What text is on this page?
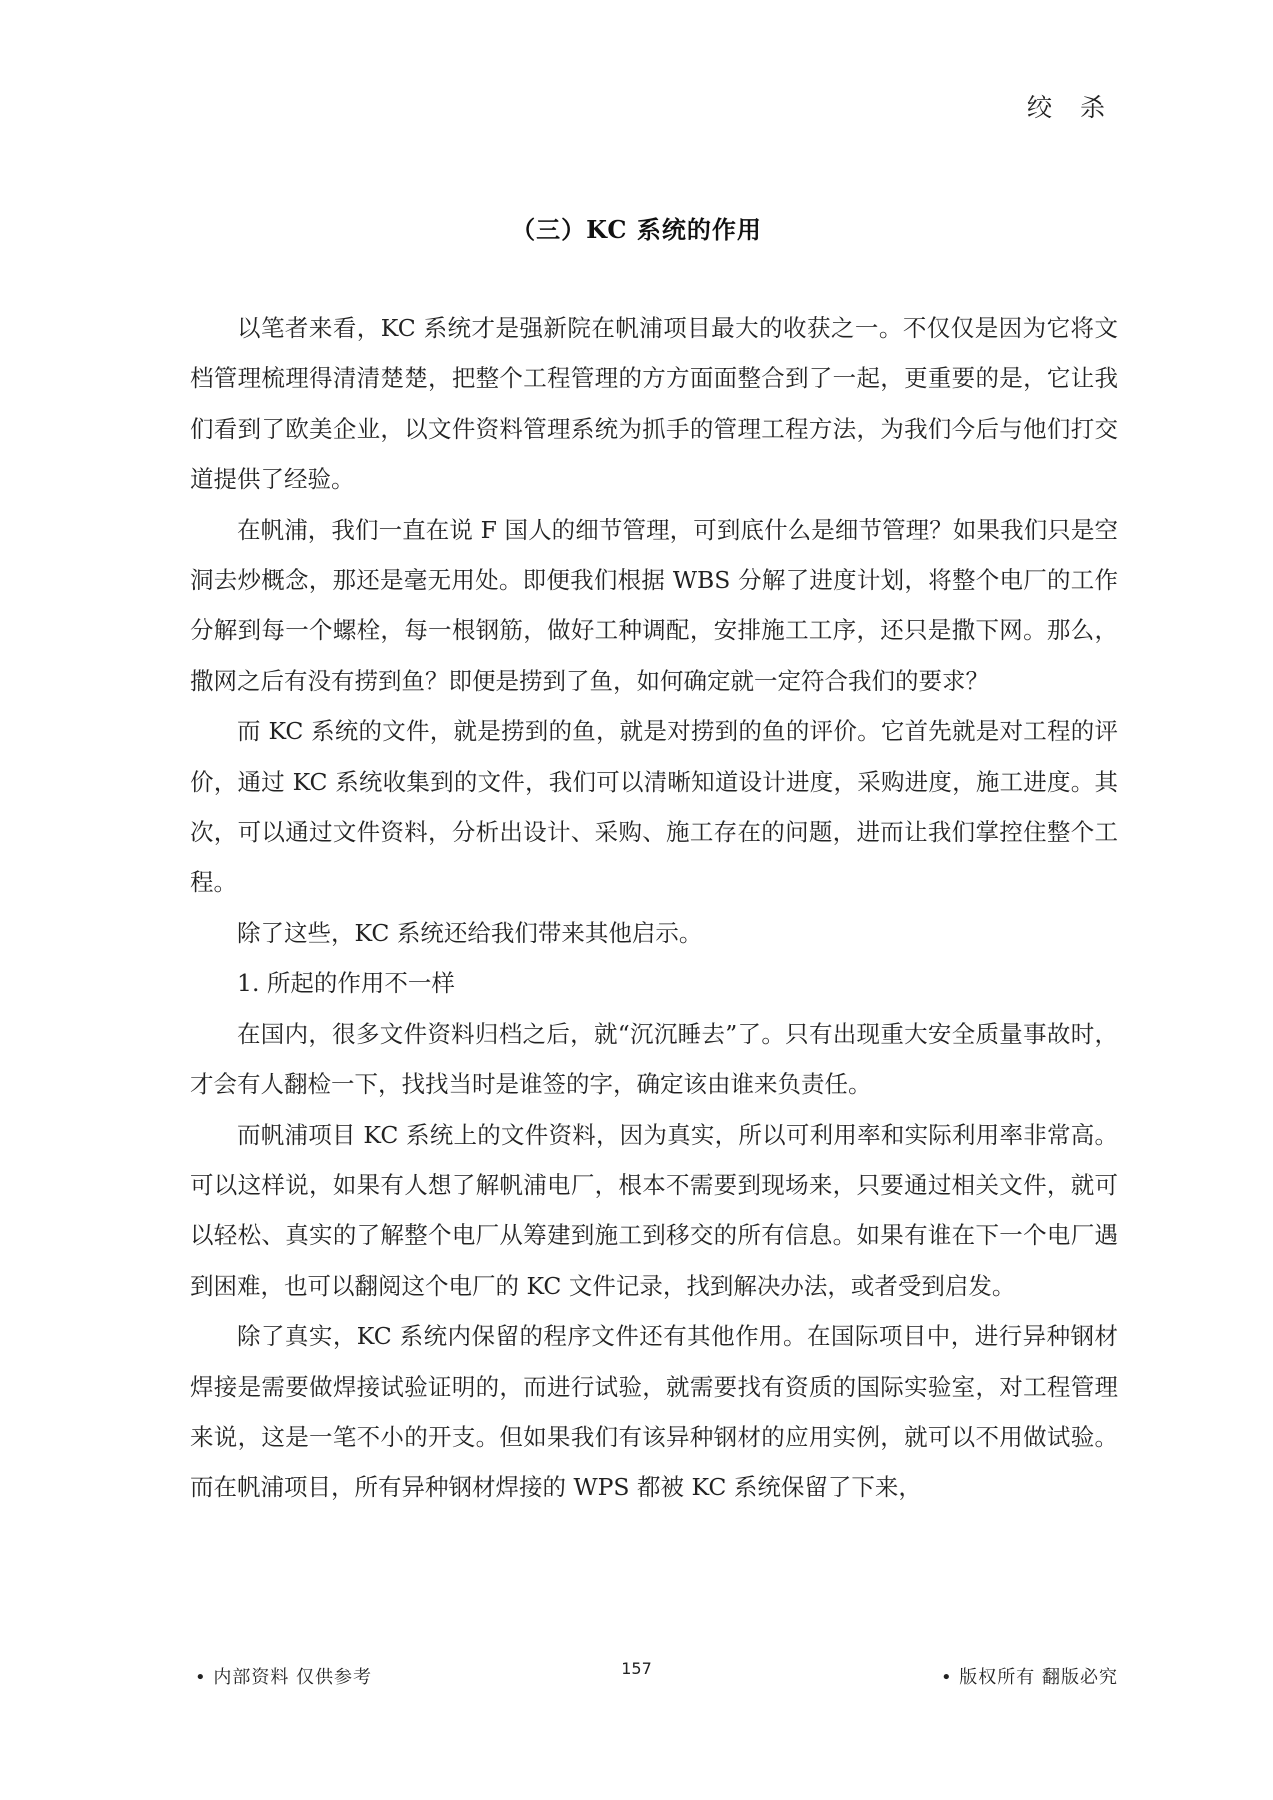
绞 杀
（三）KC 系统的作用

以笔者来看，KC 系统才是强新院在帆浦项目最大的收获之一。不仅仅是因为它将文档管理梳理得清清楚楚，把整个工程管理的方方面面整合到了一起，更重要的是，它让我们看到了欧美企业，以文件资料管理系统为抓手的管理工程方法，为我们今后与他们打交道提供了经验。

在帆浦，我们一直在说 F 国人的细节管理，可到底什么是细节管理？如果我们只是空洞去炒概念，那还是毫无用处。即便我们根据 WBS 分解了进度计划，将整个电厂的工作分解到每一个螺栓，每一根钢筋，做好工种调配，安排施工工序，还只是撒下网。那么，撒网之后有没有捞到鱼？即便是捞到了鱼，如何确定就一定符合我们的要求？

而 KC 系统的文件，就是捞到的鱼，就是对捞到的鱼的评价。它首先就是对工程的评价，通过 KC 系统收集到的文件，我们可以清晰知道设计进度，采购进度，施工进度。其次，可以通过文件资料，分析出设计、采购、施工存在的问题，进而让我们掌控住整个工程。

除了这些，KC 系统还给我们带来其他启示。

1. 所起的作用不一样

在国内，很多文件资料归档之后，就“沉沉睡去”了。只有出现重大安全质量事故时，才会有人翻检一下，找找当时是谁签的字，确定该由谁来负责任。

而帆浦项目 KC 系统上的文件资料，因为真实，所以可利用率和实际利用率非常高。可以这样说，如果有人想了解帆浦电厂，根本不需要到现场来，只要通过相关文件，就可以轻松、真实的了解整个电厂从筹建到施工到移交的所有信息。如果有谁在下一个电厂遇到困难，也可以翻阅这个电厂的 KC 文件记录，找到解决办法，或者受到启发。

除了真实，KC 系统内保留的程序文件还有其他作用。在国际项目中，进行异种钢材焊接是需要做焊接试验证明的，而进行试验，就需要找有资质的国际实验室，对工程管理来说，这是一笔不小的开支。但如果我们有该异种钢材的应用实例，就可以不用做试验。而在帆浦项目，所有异种钢材焊接的 WPS 都被 KC 系统保留了下来，

• 内部资料 仅供参考	157	• 版权所有 翻版必究
